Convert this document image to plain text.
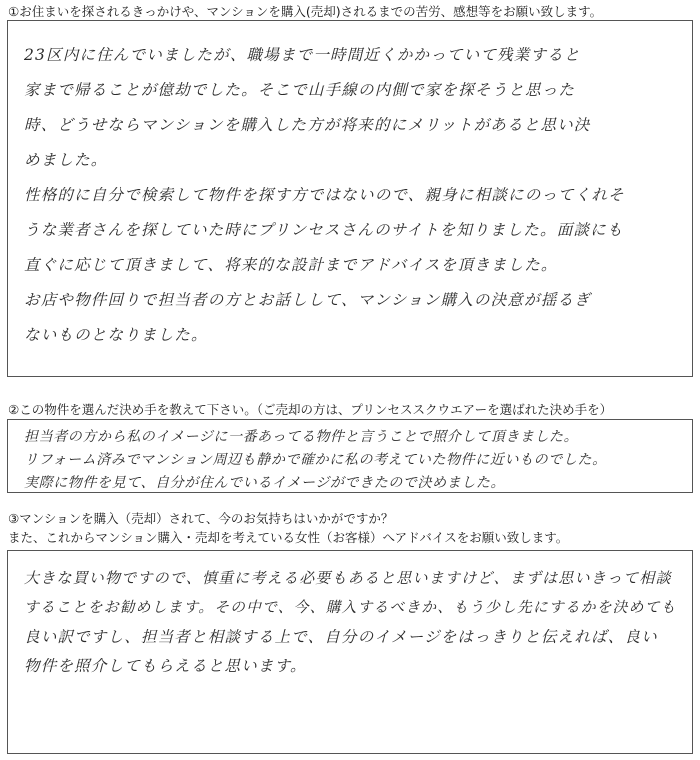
①お住まいを探されるきっかけや、マンションを購入(売却)されるまでの苦労、感想等をお願い致します。
23区内に住んでいましたが、職場まで一時間近くかかっていて残業すると
家まで帰ることが億劫でした。そこで山手線の内側で家を探そうと思った
時、どうせならマンションを購入した方が将来的にメリットがあると思い決
めました。
性格的に自分で検索して物件を探す方ではないので、親身に相談にのってくれそ
うな業者さんを探していた時にプリンセスさんのサイトを知りました。面談にも
直ぐに応じて頂きまして、将来的な設計までアドバイスを頂きました。
お店や物件回りで担当者の方とお話しして、マンション購入の決意が揺るぎ
ないものとなりました。
②この物件を選んだ決め手を教えて下さい。（ご売却の方は、プリンセススクウエアーを選ばれた決め手を）
担当者の方から私のイメージに一番あってる物件と言うことで照介して頂きました。
リフォーム済みでマンション周辺も静かで確かに私の考えていた物件に近いものでした。
実際に物件を見て、自分が住んでいるイメージができたので決めました。
③マンションを購入（売却）されて、今のお気持ちはいかがですか？
また、これからマンション購入・売却を考えている女性（お客様）へアドバイスをお願い致します。
大きな買い物ですので、慎重に考える必要もあると思いますけど、まずは思いきって相談
することをお勧めします。その中で、今、購入するべきか、もう少し先にするかを決めても
良い訳ですし、担当者と相談する上で、自分のイメージをはっきりと伝えれば、良い
物件を照介してもらえると思います。
